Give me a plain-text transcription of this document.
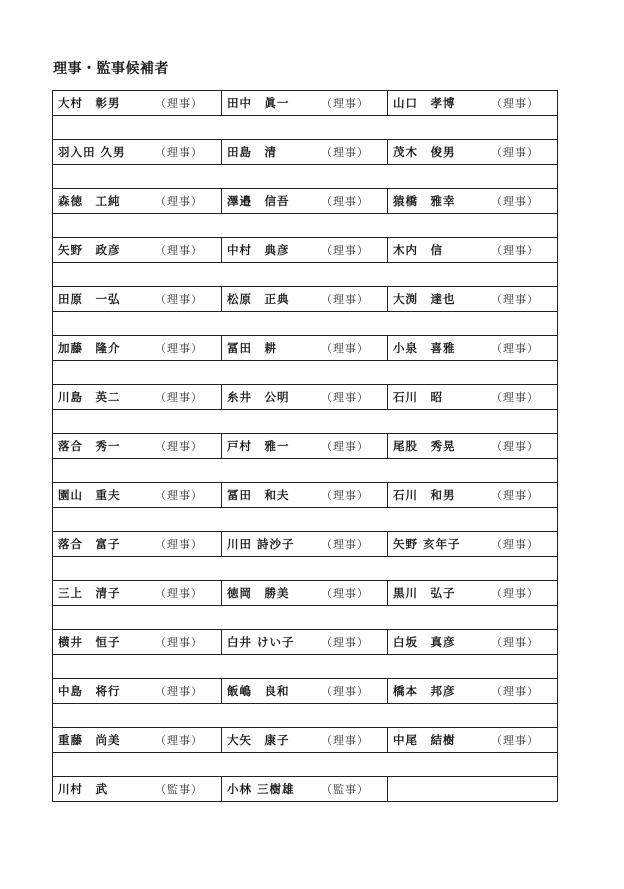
理事・監事候補者
大村　彰男 （理事）	田中　眞一 （理事）	山口　孝博 （理事）

羽入田 久男 （理事）	田島　清 （理事）	茂木　俊男 （理事）

森徳　工純 （理事）	澤邉　信吾 （理事）	猿橋　雅幸 （理事）

矢野　政彦 （理事）	中村　典彦 （理事）	木内　信 （理事）

田原　一弘 （理事）	松原　正典 （理事）	大渕　達也 （理事）

加藤　隆介 （理事）	冨田　耕 （理事）	小泉　喜雅 （理事）

川島　英二 （理事）	糸井　公明 （理事）	石川　昭 （理事）

落合　秀一 （理事）	戸村　雅一 （理事）	尾股　秀晃 （理事）

園山　重夫 （理事）	冨田　和夫 （理事）	石川　和男 （理事）

落合　富子 （理事）	川田 詩沙子 （理事）	矢野 亥年子 （理事）

三上　清子 （理事）	徳岡　勝美 （理事）	黒川　弘子 （理事）

横井　恒子 （理事）	白井 けい子 （理事）	白坂　真彦 （理事）

中島　将行 （理事）	飯嶋　良和 （理事）	橋本　邦彦 （理事）

重藤　尚美 （理事）	大矢　康子 （理事）	中尾　結樹 （理事）

川村　武 （監事）	小林 三樹雄 （監事）	
